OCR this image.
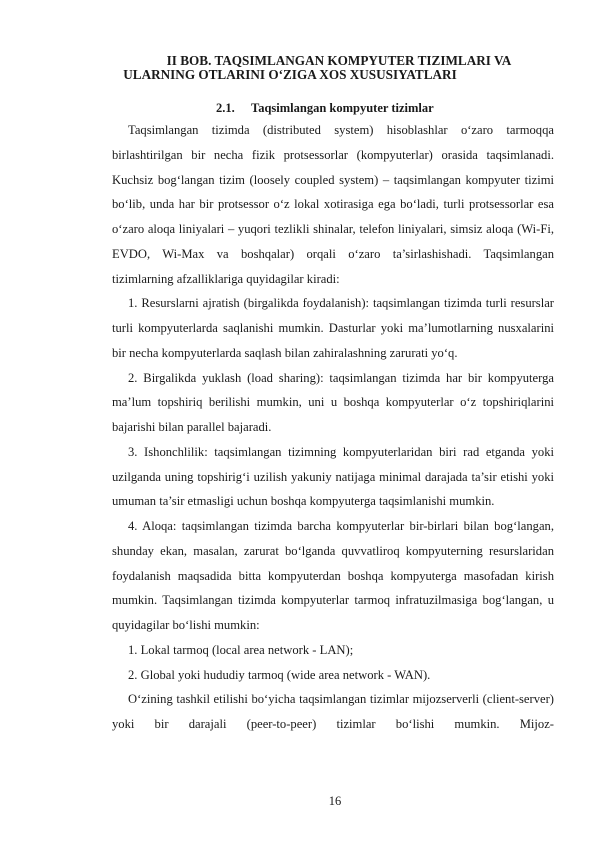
II BOB. TAQSIMLANGAN KOMPYUTER TIZIMLARI VA
ULARNING OTLARINI O‘ZIGA XOS XUSUSIYATLARI
2.1. Taqsimlangan kompyuter tizimlar

Taqsimlangan tizimda (distributed system) hisoblashlar o‘zaro tarmoqqa birlashtirilgan bir necha fizik protsessorlar (kompyuterlar) orasida taqsimlanadi. Kuchsiz bog‘langan tizim (loosely coupled system) – taqsimlangan kompyuter tizimi bo‘lib, unda har bir protsessor o‘z lokal xotirasiga ega bo‘ladi, turli protsessorlar esa o‘zaro aloqa liniyalari – yuqori tezlikli shinalar, telefon liniyalari, simsiz aloqa (Wi-Fi, EVDO, Wi-Max va boshqalar) orqali o‘zaro ta’sirlashishadi. Taqsimlangan tizimlarning afzalliklariga quyidagilar kiradi:

1. Resurslarni ajratish (birgalikda foydalanish): taqsimlangan tizimda turli resurslar turli kompyuterlarda saqlanishi mumkin. Dasturlar yoki ma’lumotlarning nusxalarini bir necha kompyuterlarda saqlash bilan zahiralashning zarurati yo‘q.

2. Birgalikda yuklash (load sharing): taqsimlangan tizimda har bir kompyuterga ma’lum topshiriq berilishi mumkin, uni u boshqa kompyuterlar o‘z topshiriqlarini bajarishi bilan parallel bajaradi.

3. Ishonchlilik: taqsimlangan tizimning kompyuterlaridan biri rad etganda yoki uzilganda uning topshirig‘i uzilish yakuniy natijaga minimal darajada ta’sir etishi yoki umuman ta’sir etmasligi uchun boshqa kompyuterga taqsimlanishi mumkin.

4. Aloqa: taqsimlangan tizimda barcha kompyuterlar bir-birlari bilan bog‘langan, shunday ekan, masalan, zarurat bo‘lganda quvvatliroq kompyuterning resurslaridan foydalanish maqsadida bitta kompyuterdan boshqa kompyuterga masofadan kirish mumkin. Taqsimlangan tizimda kompyuterlar tarmoq infratuzilmasiga bog‘langan, u quyidagilar bo‘lishi mumkin:

1. Lokal tarmoq (local area network - LAN);

2. Global yoki hududiy tarmoq (wide area network - WAN).

O‘zining tashkil etilishi bo‘yicha taqsimlangan tizimlar mijozserverli (client-server) yoki bir darajali (peer-to-peer) tizimlar bo‘lishi mumkin. Mijoz-

16
